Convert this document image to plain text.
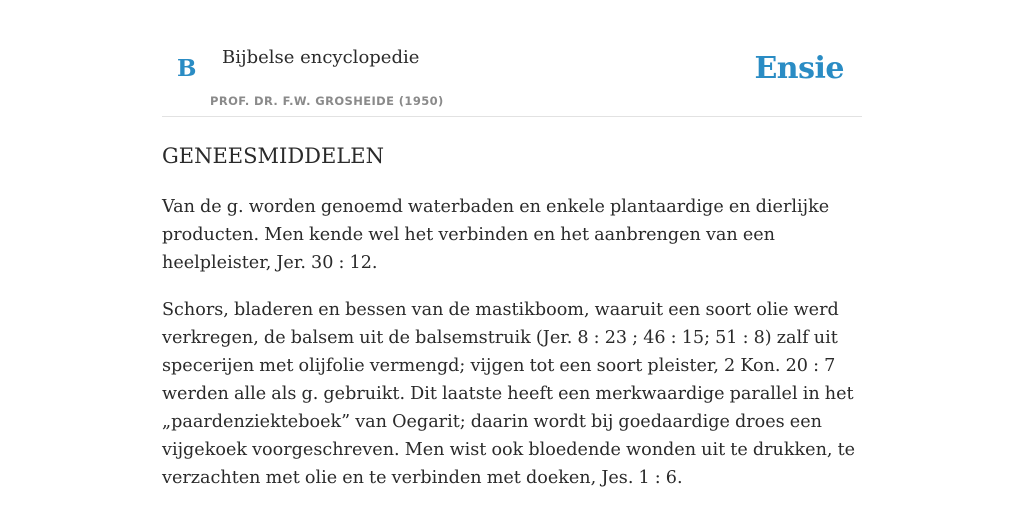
B Bijbelse encyclopedie
PROF. DR. F.W. GROSHEIDE (1950)
Ensie
GENEESMIDDELEN

Van de g. worden genoemd waterbaden en enkele plantaardige en dierlijke producten. Men kende wel het verbinden en het aanbrengen van een heelpleister, Jer. 30 : 12.

Schors, bladeren en bessen van de mastikboom, waaruit een soort olie werd verkregen, de balsem uit de balsemstruik (Jer. 8 : 23 ; 46 : 15; 51 : 8) zalf uit specerijen met olijfolie vermengd; vijgen tot een soort pleister, 2 Kon. 20 : 7 werden alle als g. gebruikt. Dit laatste heeft een merkwaardige parallel in het „paardenziekteboek” van Oegarit; daarin wordt bij goedaardige droes een vijgekoek voorgeschreven. Men wist ook bloedende wonden uit te drukken, te verzachten met olie en te verbinden met doeken, Jes. 1 : 6.
